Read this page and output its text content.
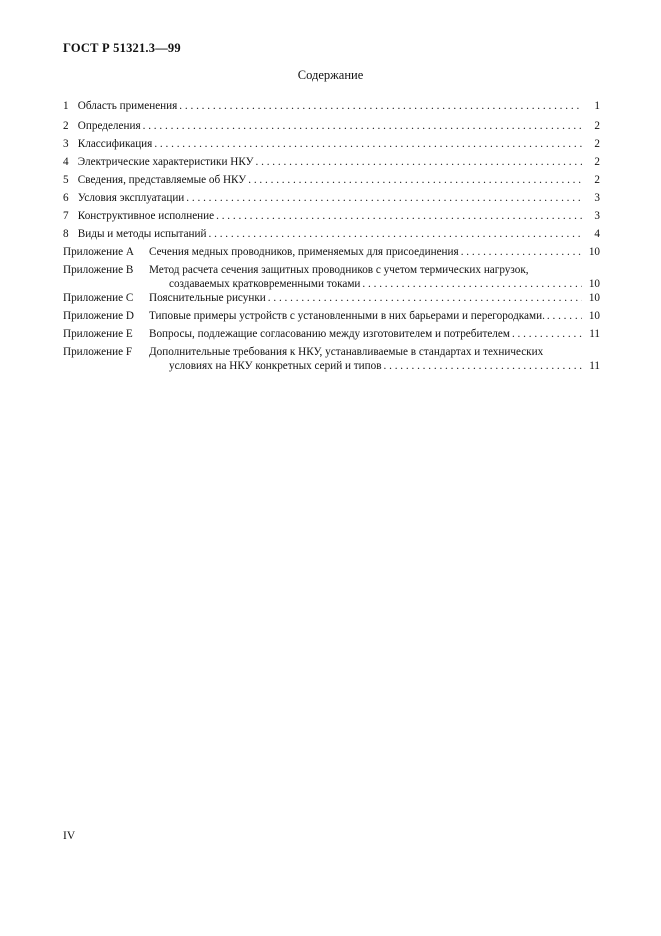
ГОСТ Р 51321.3—99
Содержание
1 Область применения . . .	1
2 Определения . . .	2
3 Классификация . . .	2
4 Электрические характеристики НКУ . . .	2
5 Сведения, представляемые об НКУ . . .	2
6 Условия эксплуатации . . .	3
7 Конструктивное исполнение . . .	3
8 Виды и методы испытаний . . .	4
Приложение А Сечения медных проводников, применяемых для присоединения . . .	10
Приложение В Метод расчета сечения защитных проводников с учетом термических нагрузок,
создаваемых кратковременными токами . . .	10
Приложение С Пояснительные рисунки . . .	10
Приложение D Типовые примеры устройств с установленными в них барьерами и перегородками. . . .	10
Приложение Е Вопросы, подлежащие согласованию между изготовителем и потребителем . . .	11
Приложение F Дополнительные требования к НКУ, устанавливаемые в стандартах и технических
условиях на НКУ конкретных серий и типов . . .	11
IV
